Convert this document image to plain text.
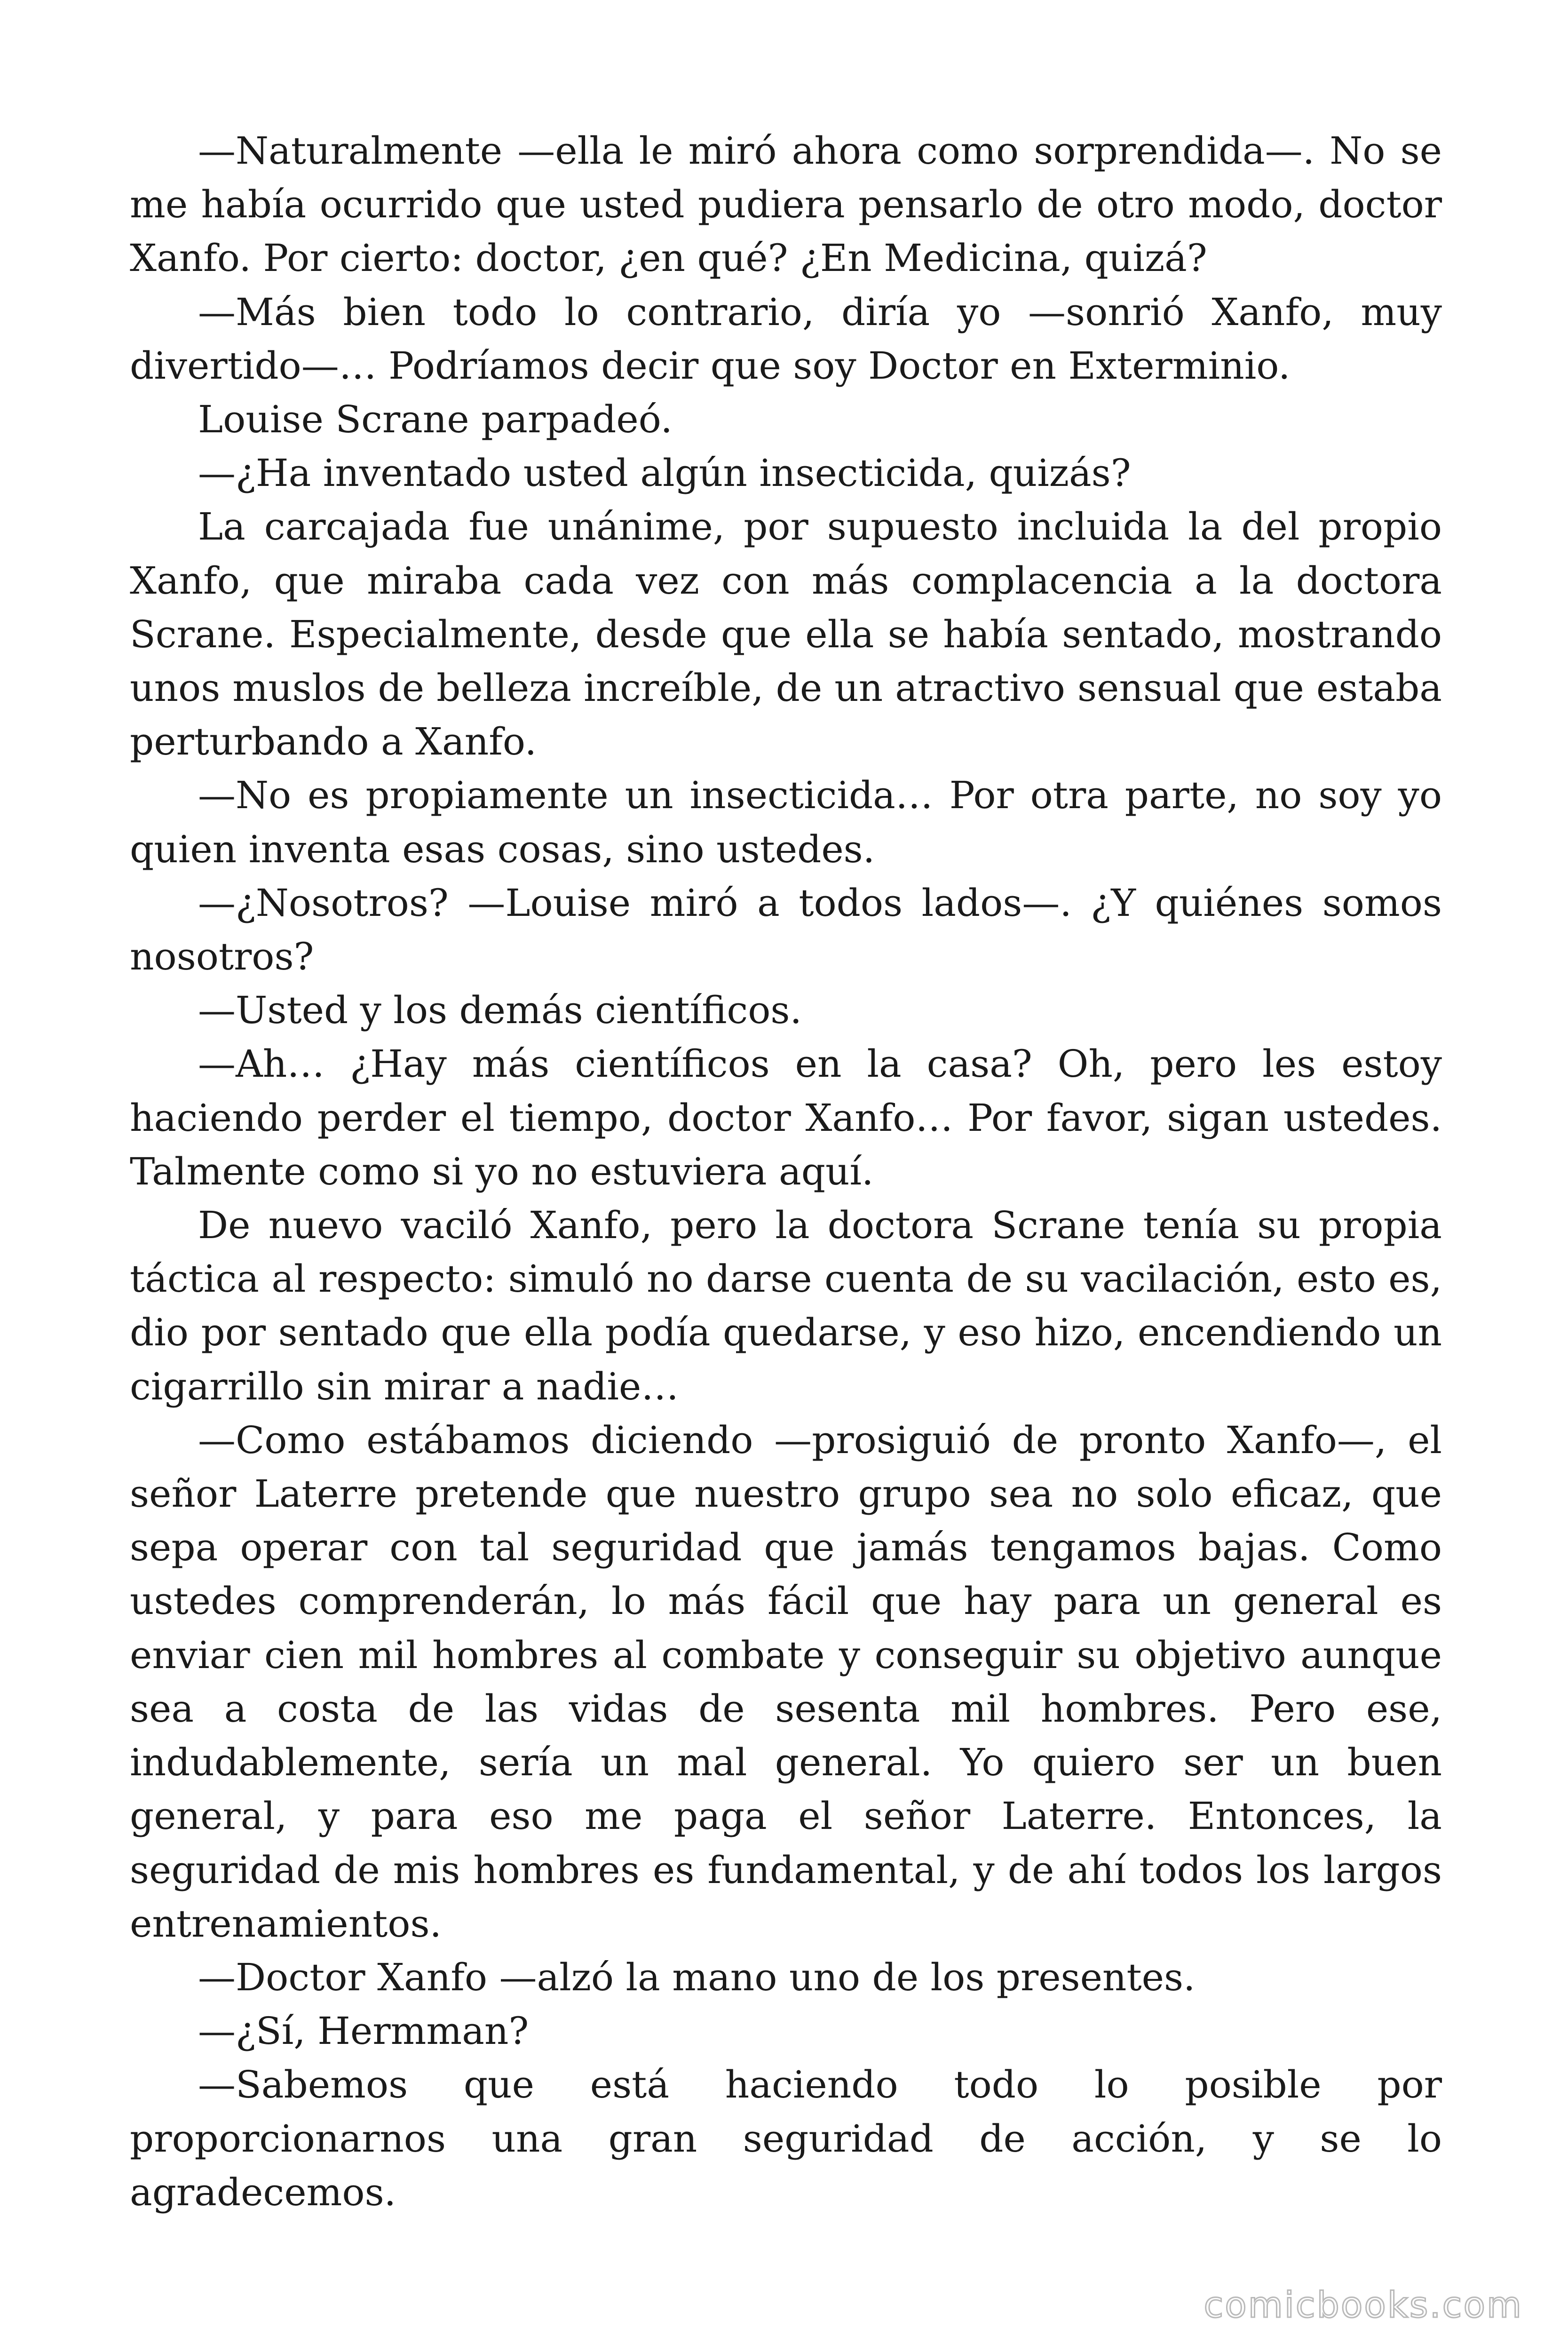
—Naturalmente —ella le miró ahora como sorprendida—. No se me había ocurrido que usted pudiera pensarlo de otro modo, doctor Xanfo. Por cierto: doctor, ¿en qué? ¿En Medicina, quizá?

—Más bien todo lo contrario, diría yo —sonrió Xanfo, muy divertido—… Podríamos decir que soy Doctor en Exterminio.

Louise Scrane parpadeó.

—¿Ha inventado usted algún insecticida, quizás?

La carcajada fue unánime, por supuesto incluida la del propio Xanfo, que miraba cada vez con más complacencia a la doctora Scrane. Especialmente, desde que ella se había sentado, mostrando unos muslos de belleza increíble, de un atractivo sensual que estaba perturbando a Xanfo.

—No es propiamente un insecticida… Por otra parte, no soy yo quien inventa esas cosas, sino ustedes.

—¿Nosotros? —Louise miró a todos lados—. ¿Y quiénes somos nosotros?

—Usted y los demás científicos.

—Ah… ¿Hay más científicos en la casa? Oh, pero les estoy haciendo perder el tiempo, doctor Xanfo… Por favor, sigan ustedes. Talmente como si yo no estuviera aquí.

De nuevo vaciló Xanfo, pero la doctora Scrane tenía su propia táctica al respecto: simuló no darse cuenta de su vacilación, esto es, dio por sentado que ella podía quedarse, y eso hizo, encendiendo un cigarrillo sin mirar a nadie…

—Como estábamos diciendo —prosiguió de pronto Xanfo—, el señor Laterre pretende que nuestro grupo sea no solo eficaz, que sepa operar con tal seguridad que jamás tengamos bajas. Como ustedes comprenderán, lo más fácil que hay para un general es enviar cien mil hombres al combate y conseguir su objetivo aunque sea a costa de las vidas de sesenta mil hombres. Pero ese, indudablemente, sería un mal general. Yo quiero ser un buen general, y para eso me paga el señor Laterre. Entonces, la seguridad de mis hombres es fundamental, y de ahí todos los largos entrenamientos.

—Doctor Xanfo —alzó la mano uno de los presentes.

—¿Sí, Hermman?

—Sabemos que está haciendo todo lo posible por proporcionarnos una gran seguridad de acción, y se lo agradecemos.

comicbooks.com
